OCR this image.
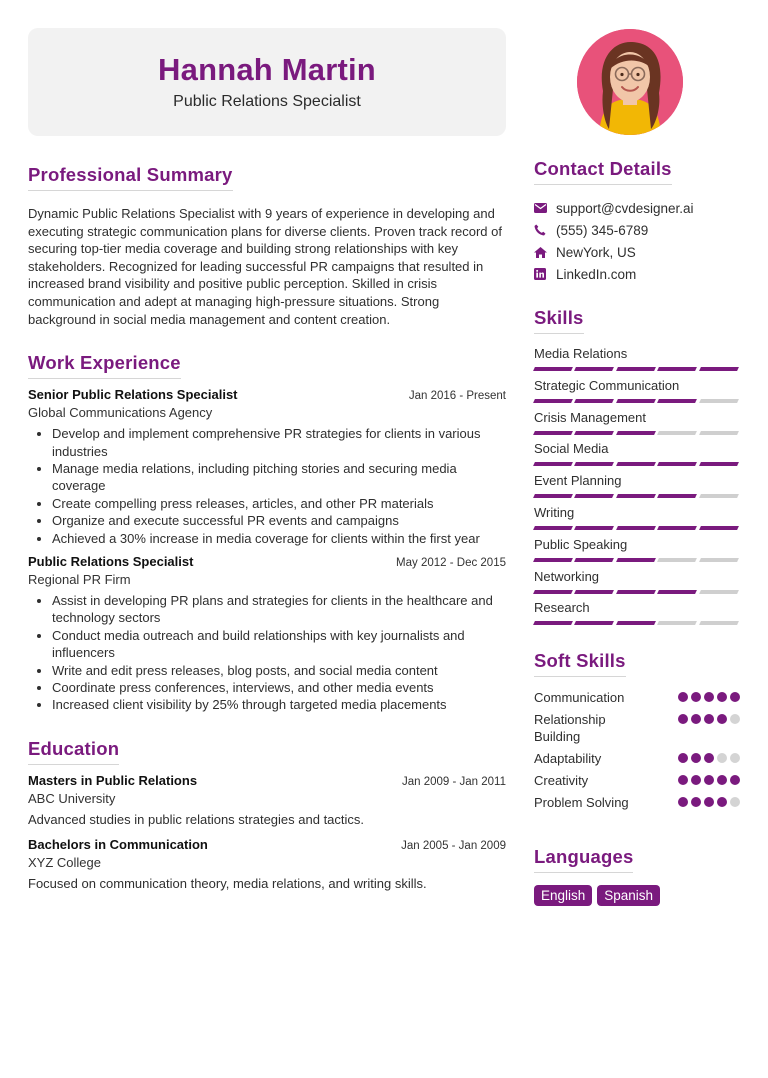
Hannah Martin
Public Relations Specialist
Professional Summary

Dynamic Public Relations Specialist with 9 years of experience in developing and executing strategic communication plans for diverse clients. Proven track record of securing top-tier media coverage and building strong relationships with key stakeholders. Recognized for leading successful PR campaigns that resulted in increased brand visibility and positive public perception. Skilled in crisis communication and adept at managing high-pressure situations. Strong background in social media management and content creation.

Work Experience
Senior Public Relations Specialist	Jan 2016 - Present
Global Communications Agency
• Develop and implement comprehensive PR strategies for clients in various industries
• Manage media relations, including pitching stories and securing media coverage
• Create compelling press releases, articles, and other PR materials
• Organize and execute successful PR events and campaigns
• Achieved a 30% increase in media coverage for clients within the first year
Public Relations Specialist	May 2012 - Dec 2015
Regional PR Firm
• Assist in developing PR plans and strategies for clients in the healthcare and technology sectors
• Conduct media outreach and build relationships with key journalists and influencers
• Write and edit press releases, blog posts, and social media content
• Coordinate press conferences, interviews, and other media events
• Increased client visibility by 25% through targeted media placements
Education
Masters in Public Relations	Jan 2009 - Jan 2011
ABC University
Advanced studies in public relations strategies and tactics.
Bachelors in Communication	Jan 2005 - Jan 2009
XYZ College
Focused on communication theory, media relations, and writing skills.
Contact Details
support@cvdesigner.ai
(555) 345-6789
NewYork, US
LinkedIn.com
Skills
Media Relations
Strategic Communication
Crisis Management
Social Media
Event Planning
Writing
Public Speaking
Networking
Research
Soft Skills
Communication
Relationship Building
Adaptability
Creativity
Problem Solving
Languages
English	Spanish
